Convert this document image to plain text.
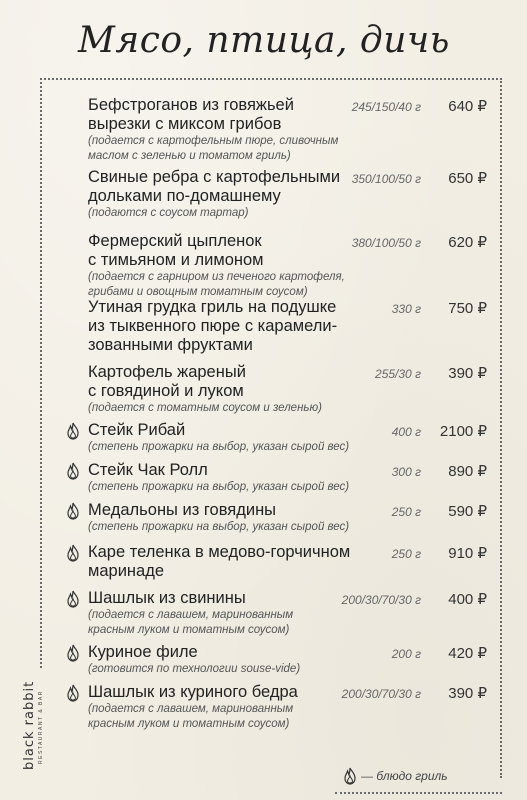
Мясо, птица, дичь
black rabbit RESTAURANT & BAR
Бефстроганов из говяжьей
вырезки с миксом грибов
(подается с картофельным пюре, сливочным
маслом с зеленью и томатом гриль)
245/150/40 г 640 ₽
Свиные ребра с картофельными
дольками по-домашнему
(подаются с соусом тартар)
350/100/50 г 650 ₽
Фермерский цыпленок
с тимьяном и лимоном
(подается с гарниром из печеного картофеля,
грибами и овощным томатным соусом)
380/100/50 г 620 ₽
Утиная грудка гриль на подушке
из тыквенного пюре с карамели-
зованными фруктами
330 г 750 ₽
Картофель жареный
с говядиной и луком
(подается с томатным соусом и зеленью)
255/30 г 390 ₽
Стейк Рибай
(степень прожарки на выбор, указан сырой вес)
400 г 2100 ₽
Стейк Чак Ролл
(степень прожарки на выбор, указан сырой вес)
300 г 890 ₽
Медальоны из говядины
(степень прожарки на выбор, указан сырой вес)
250 г 590 ₽
Каре теленка в медово-горчичном
маринаде
250 г 910 ₽
Шашлык из свинины
(подается с лавашем, маринованным
красным луком и томатным соусом)
200/30/70/30 г 400 ₽
Куриное филе
(готовится по технологии souse-vide)
200 г 420 ₽
Шашлык из куриного бедра
(подается с лавашем, маринованным
красным луком и томатным соусом)
200/30/70/30 г 390 ₽
— блюдо гриль
